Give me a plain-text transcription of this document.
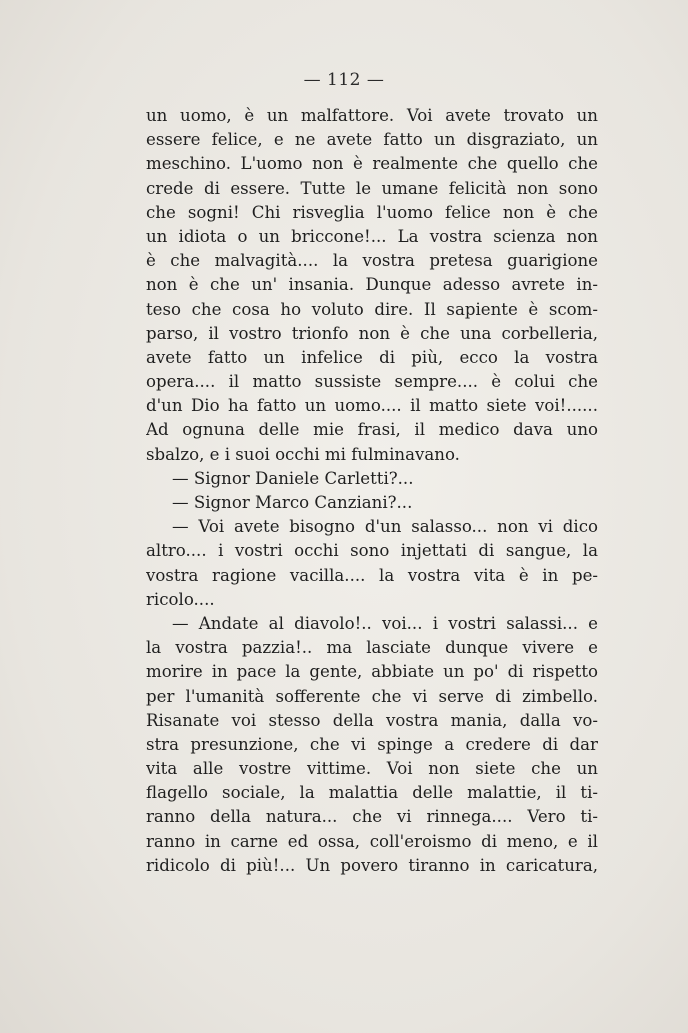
— 112 —
un uomo, è un malfattore. Voi avete trovato un
essere felice, e ne avete fatto un disgraziato, un
meschino. L'uomo non è realmente che quello che
crede di essere. Tutte le umane felicità non sono
che sogni! Chi risveglia l'uomo felice non è che
un idiota o un briccone!... La vostra scienza non
è che malvagità.... la vostra pretesa guarigione
non è che un' insania. Dunque adesso avrete in-
teso che cosa ho voluto dire. Il sapiente è scom-
parso, il vostro trionfo non è che una corbelleria,
avete fatto un infelice di più, ecco la vostra
opera.... il matto sussiste sempre.... è colui che
d'un Dio ha fatto un uomo.... il matto siete voi!......
Ad ognuna delle mie frasi, il medico dava uno
sbalzo, e i suoi occhi mi fulminavano.
— Signor Daniele Carletti?...
— Signor Marco Canziani?...
— Voi avete bisogno d'un salasso... non vi dico
altro.... i vostri occhi sono injettati di sangue, la
vostra ragione vacilla.... la vostra vita è in pe-
ricolo....
— Andate al diavolo!.. voi... i vostri salassi... e
la vostra pazzia!.. ma lasciate dunque vivere e
morire in pace la gente, abbiate un po' di rispetto
per l'umanità sofferente che vi serve di zimbello.
Risanate voi stesso della vostra mania, dalla vo-
stra presunzione, che vi spinge a credere di dar
vita alle vostre vittime. Voi non siete che un
flagello sociale, la malattia delle malattie, il ti-
ranno della natura... che vi rinnega.... Vero ti-
ranno in carne ed ossa, coll'eroismo di meno, e il
ridicolo di più!... Un povero tiranno in caricatura,
